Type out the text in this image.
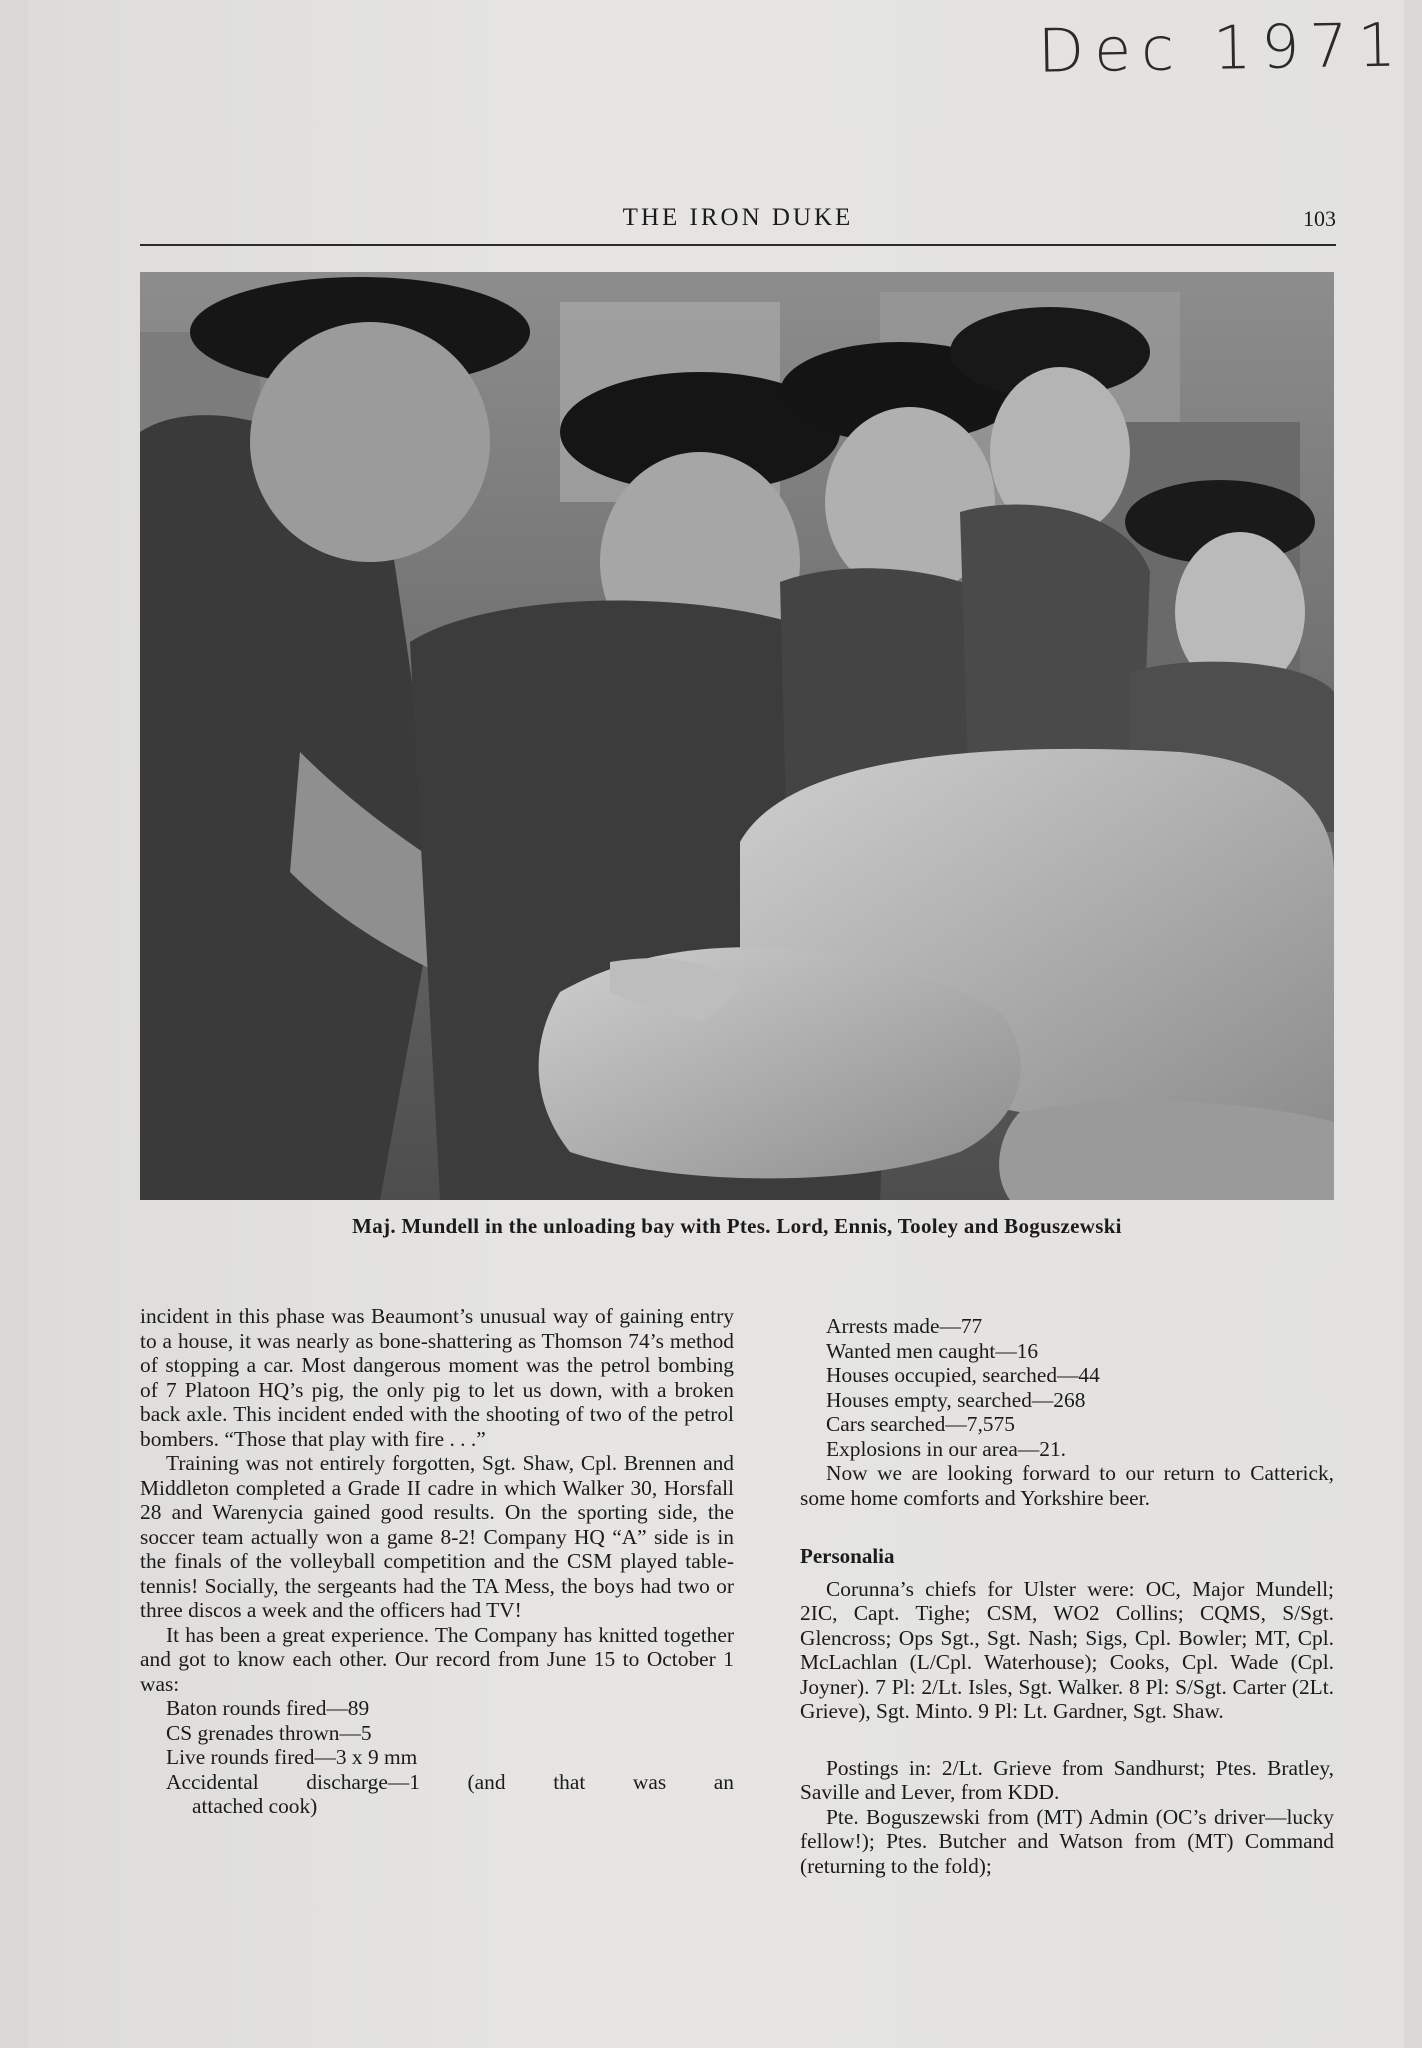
Dec 1971
THE IRON DUKE	103
Maj. Mundell in the unloading bay with Ptes. Lord, Ennis, Tooley and Boguszewski

incident in this phase was Beaumont’s unusual way of gaining entry to a house, it was nearly as bone-shattering as Thomson 74’s method of stopping a car. Most dangerous moment was the petrol bombing of 7 Platoon HQ’s pig, the only pig to let us down, with a broken back axle. This incident ended with the shooting of two of the petrol bombers. “Those that play with fire . . .”

Training was not entirely forgotten, Sgt. Shaw, Cpl. Brennen and Middleton completed a Grade II cadre in which Walker 30, Horsfall 28 and Warenycia gained good results. On the sporting side, the soccer team actually won a game 8-2! Company HQ “A” side is in the finals of the volleyball competition and the CSM played table-tennis! Socially, the sergeants had the TA Mess, the boys had two or three discos a week and the officers had TV!

It has been a great experience. The Company has knitted together and got to know each other. Our record from June 15 to October 1 was:

Baton rounds fired—89

CS grenades thrown—5

Live rounds fired—3 x 9 mm

Accidental discharge—1 (and that was an

attached cook)

Arrests made—77

Wanted men caught—16

Houses occupied, searched—44

Houses empty, searched—268

Cars searched—7,575

Explosions in our area—21.

Now we are looking forward to our return to Catterick, some home comforts and Yorkshire beer.

Personalia

Corunna’s chiefs for Ulster were: OC, Major Mundell; 2IC, Capt. Tighe; CSM, WO2 Collins; CQMS, S/Sgt. Glencross; Ops Sgt., Sgt. Nash; Sigs, Cpl. Bowler; MT, Cpl. McLachlan (L/Cpl. Waterhouse); Cooks, Cpl. Wade (Cpl. Joyner). 7 Pl: 2/Lt. Isles, Sgt. Walker. 8 Pl: S/Sgt. Carter (2Lt. Grieve), Sgt. Minto. 9 Pl: Lt. Gardner, Sgt. Shaw.

Postings in: 2/Lt. Grieve from Sandhurst; Ptes. Bratley, Saville and Lever, from KDD.

Pte. Boguszewski from (MT) Admin (OC’s driver—lucky fellow!); Ptes. Butcher and Watson from (MT) Command (returning to the fold);
